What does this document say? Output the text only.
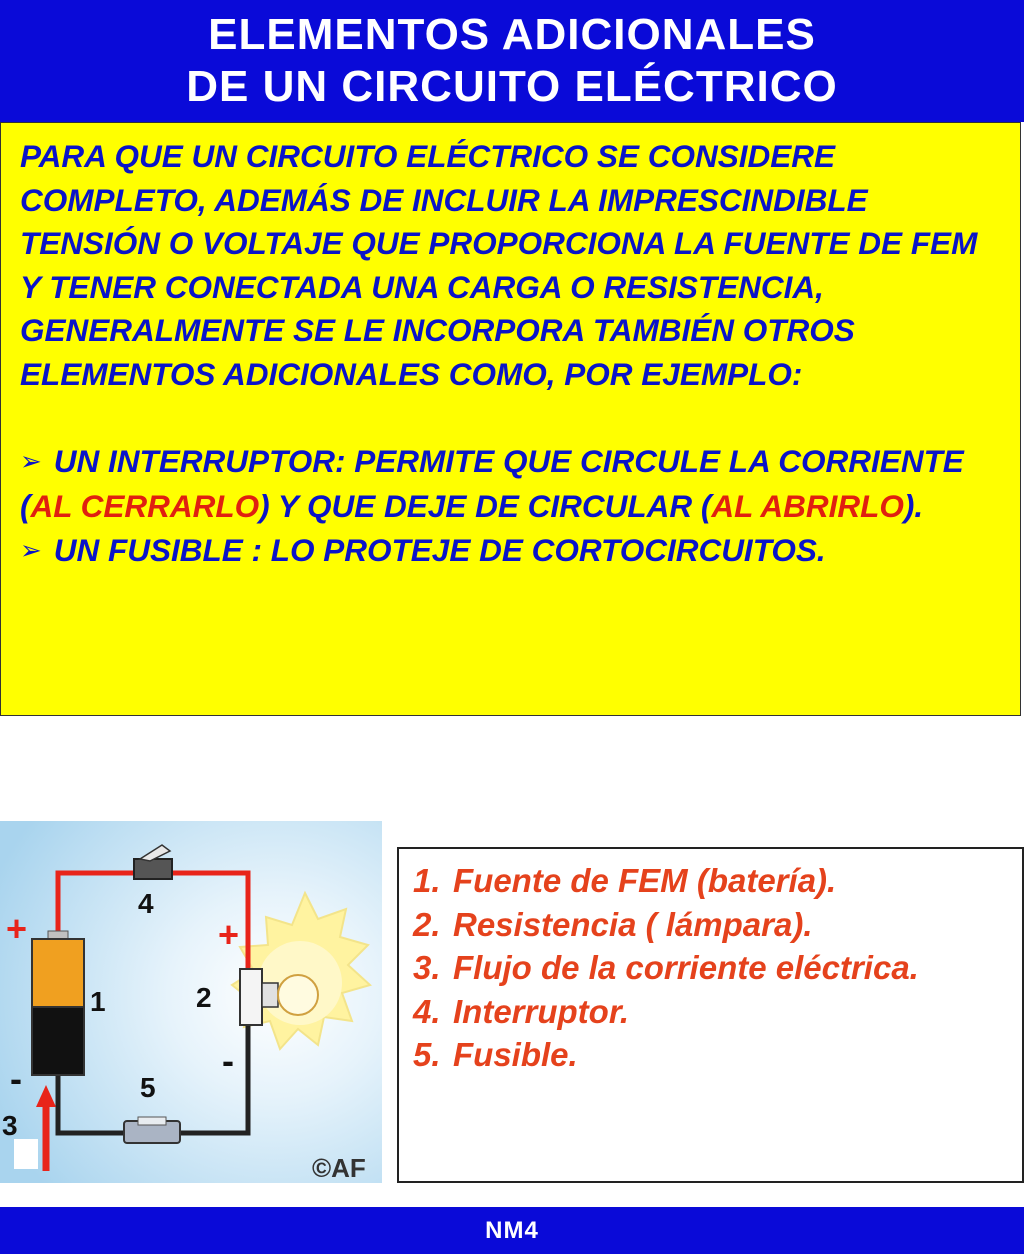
ELEMENTOS ADICIONALES
DE UN CIRCUITO ELÉCTRICO

PARA QUE UN CIRCUITO ELÉCTRICO SE CONSIDERE COMPLETO, ADEMÁS DE INCLUIR LA IMPRESCINDIBLE TENSIÓN O VOLTAJE QUE PROPORCIONA LA FUENTE DE FEM Y TENER CONECTADA UNA CARGA O RESISTENCIA, GENERALMENTE SE LE INCORPORA TAMBIÉN OTROS ELEMENTOS ADICIONALES COMO, POR EJEMPLO:

➢ UN INTERRUPTOR: PERMITE QUE CIRCULE LA CORRIENTE (AL CERRARLO) Y QUE DEJE DE CIRCULAR (AL ABRIRLO).

➢ UN FUSIBLE : LO PROTEJE DE CORTOCIRCUITOS.

4
1	2
5
3
+	+
-	-
©AF
1. Fuente de FEM (batería).
2. Resistencia ( lámpara).
3. Flujo de la corriente eléctrica.
4. Interruptor.
5. Fusible.
NM4
